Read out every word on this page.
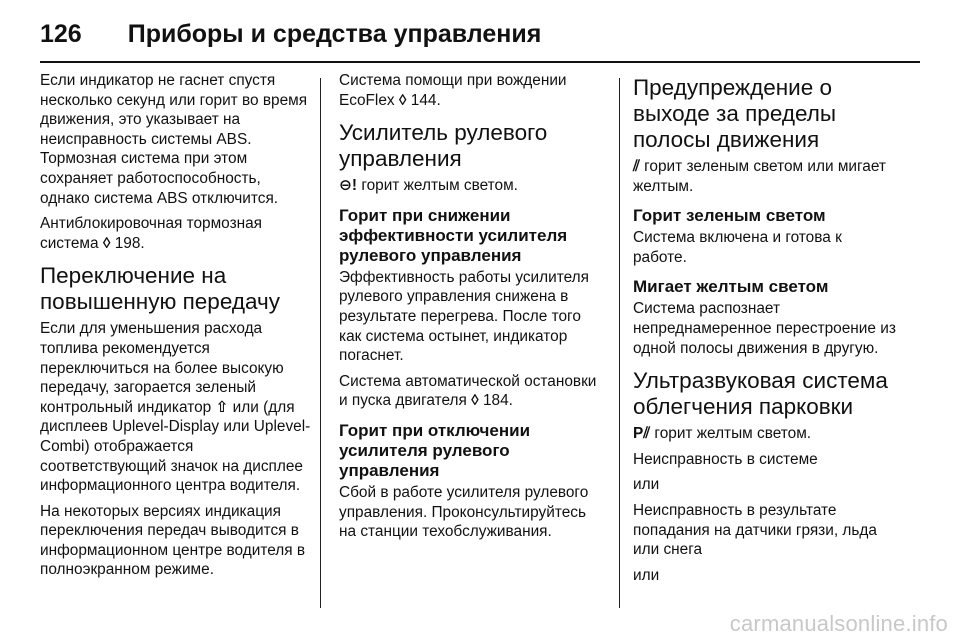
126 Приборы и средства управления

Если индикатор не гаснет спустя несколько секунд или горит во время движения, это указывает на неисправность системы ABS. Тормозная система при этом сохраняет работоспособность, однако система ABS отключится.

Антиблокировочная тормозная система ◊ 198.

Переключение на повышенную передачу

Если для уменьшения расхода топлива рекомендуется переключиться на более высокую передачу, загорается зеленый контрольный индикатор ⇧ или (для дисплеев Uplevel-Display или Uplevel-Combi) отображается соответствующий значок на дисплее информационного центра водителя.

На некоторых версиях индикация переключения передач выводится в информационном центре водителя в полноэкранном режиме.

Система помощи при вождении EcoFlex ◊ 144.

Усилитель рулевого управления

⊖! горит желтым светом.

Горит при снижении эффективности усилителя рулевого управления

Эффективность работы усилителя рулевого управления снижена в результате перегрева. После того как система остынет, индикатор погаснет.

Система автоматической остановки и пуска двигателя ◊ 184.

Горит при отключении усилителя рулевого управления

Сбой в работе усилителя рулевого управления. Проконсультируйтесь на станции техобслуживания.

Предупреждение о выходе за пределы полосы движения

⫽ горит зеленым светом или мигает желтым.

Горит зеленым светом

Система включена и готова к работе.

Мигает желтым светом

Система распознает непреднамеренное перестроение из одной полосы движения в другую.

Ультразвуковая система облегчения парковки

P⫽ горит желтым светом.

Неисправность в системе

или

Неисправность в результате попадания на датчики грязи, льда или снега

или

carmanualsonline.info
